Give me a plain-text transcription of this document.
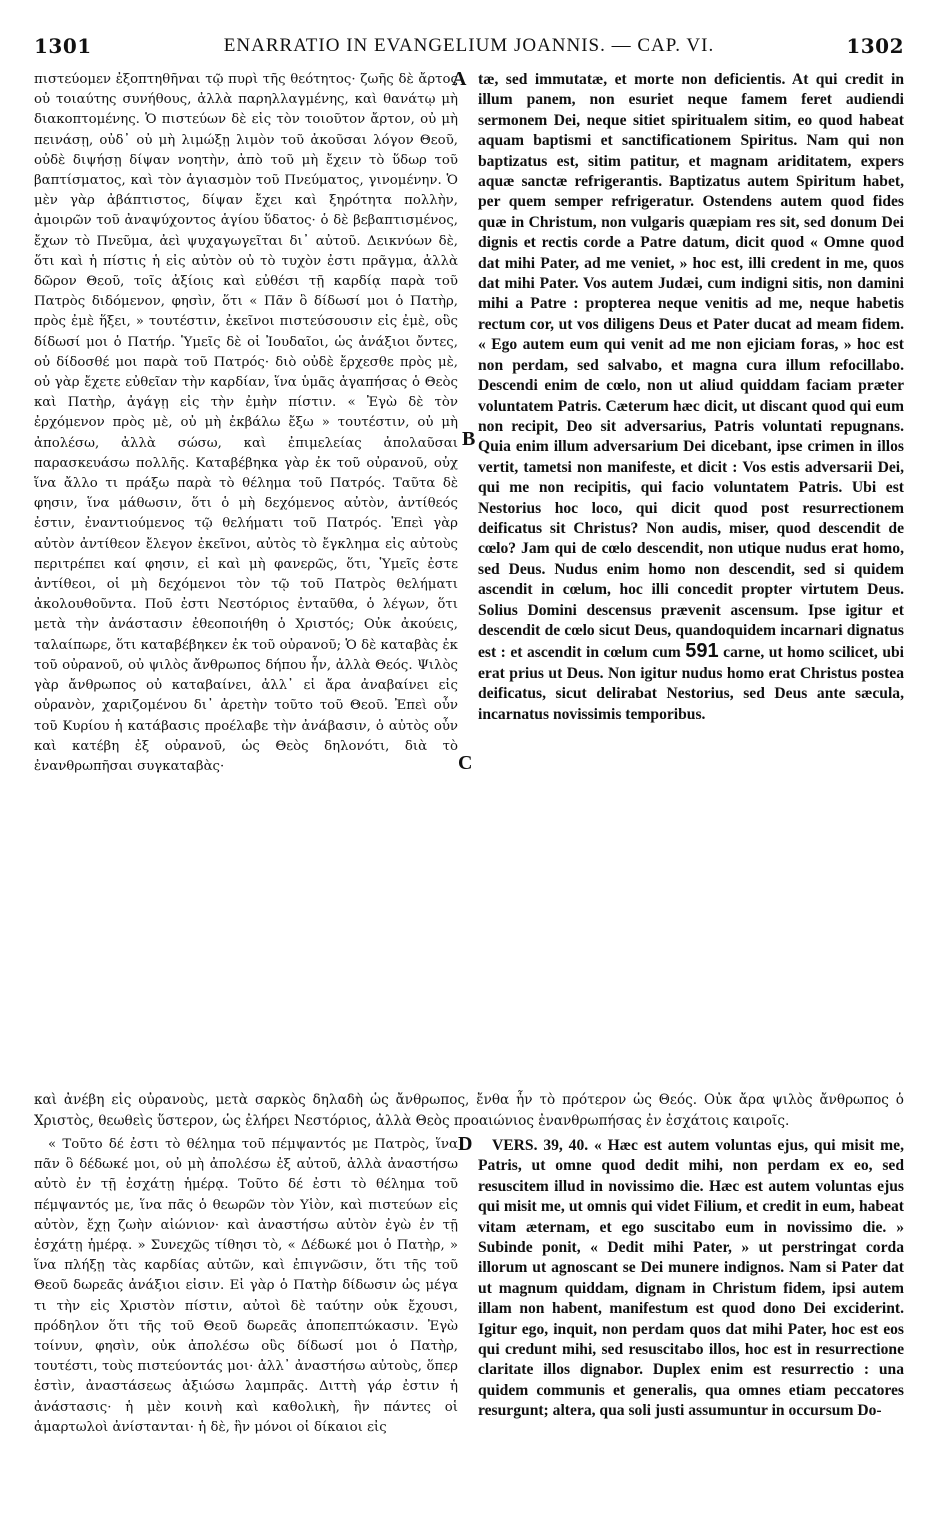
1301	ENARRATIO IN EVANGELIUM JOANNIS. — CAP. VI.	1302
A
B
C
D

πιστεύομεν ἐξοπτηθῆναι τῷ πυρὶ τῆς θεότητος· ζωῆς δὲ ἄρτος οὐ τοιαύτης συνήθους, ἀλλὰ παρηλλαγμένης, καὶ θανάτῳ μὴ διακοπτομένης. Ὁ πιστεύων δὲ εἰς τὸν τοιοῦτον ἄρτον, οὐ μὴ πεινάσῃ, οὐδ᾽ οὐ μὴ λιμώξῃ λιμὸν τοῦ ἀκοῦσαι λόγον Θεοῦ, οὐδὲ διψήσῃ δίψαν νοητὴν, ἀπὸ τοῦ μὴ ἔχειν τὸ ὕδωρ τοῦ βαπτίσματος, καὶ τὸν ἁγιασμὸν τοῦ Πνεύματος, γινομένην. Ὁ μὲν γὰρ ἀβάπτιστος, δίψαν ἔχει καὶ ξηρότητα πολλὴν, ἀμοιρῶν τοῦ ἀναψύχοντος ἁγίου ὕδατος· ὁ δὲ βεβαπτισμένος, ἔχων τὸ Πνεῦμα, ἀεὶ ψυχαγωγεῖται δι᾽ αὐτοῦ. Δεικνύων δὲ, ὅτι καὶ ἡ πίστις ἡ εἰς αὐτὸν οὐ τὸ τυχὸν ἐστι πρᾶγμα, ἀλλὰ δῶρον Θεοῦ, τοῖς ἀξίοις καὶ εὐθέσι τῇ καρδίᾳ παρὰ τοῦ Πατρὸς διδόμενον, φησὶν, ὅτι « Πᾶν ὃ δίδωσί μοι ὁ Πατὴρ, πρὸς ἐμὲ ἥξει, » τουτέστιν, ἐκεῖνοι πιστεύσουσιν εἰς ἐμὲ, οὓς δίδωσί μοι ὁ Πατήρ. Ὑμεῖς δὲ οἱ Ἰουδαῖοι, ὡς ἀνάξιοι ὄντες, οὐ δίδοσθέ μοι παρὰ τοῦ Πατρός· διὸ οὐδὲ ἔρχεσθε πρὸς μὲ, οὐ γὰρ ἔχετε εὐθεῖαν τὴν καρδίαν, ἵνα ὑμᾶς ἀγαπήσας ὁ Θεὸς καὶ Πατὴρ, ἀγάγῃ εἰς τὴν ἐμὴν πίστιν. « Ἐγὼ δὲ τὸν ἐρχόμενον πρὸς μὲ, οὐ μὴ ἐκβάλω ἔξω » τουτέστιν, οὐ μὴ ἀπολέσω, ἀλλὰ σώσω, καὶ ἐπιμελείας ἀπολαῦσαι παρασκευάσω πολλῆς. Καταβέβηκα γὰρ ἐκ τοῦ οὐρανοῦ, οὐχ ἵνα ἄλλο τι πράξω παρὰ τὸ θέλημα τοῦ Πατρός. Ταῦτα δὲ φησιν, ἵνα μάθωσιν, ὅτι ὁ μὴ δεχόμενος αὐτὸν, ἀντίθεός ἐστιν, ἐναντιούμενος τῷ θελήματι τοῦ Πατρός. Ἐπεὶ γὰρ αὐτὸν ἀντίθεον ἔλεγον ἐκεῖνοι, αὐτὸς τὸ ἔγκλημα εἰς αὐτοὺς περιτρέπει καί φησιν, εἰ καὶ μὴ φανερῶς, ὅτι, Ὑμεῖς ἐστε ἀντίθεοι, οἱ μὴ δεχόμενοι τὸν τῷ τοῦ Πατρὸς θελήματι ἀκολουθοῦντα. Ποῦ ἐστι Νεστόριος ἐνταῦθα, ὁ λέγων, ὅτι μετὰ τὴν ἀνάστασιν ἐθεοποιήθη ὁ Χριστός; Οὐκ ἀκούεις, ταλαίπωρε, ὅτι καταβέβηκεν ἐκ τοῦ οὐρανοῦ; Ὁ δὲ καταβὰς ἐκ τοῦ οὐρανοῦ, οὐ ψιλὸς ἄνθρωπος δήπου ἦν, ἀλλὰ Θεός. Ψιλὸς γὰρ ἄνθρωπος οὐ καταβαίνει, ἀλλ᾽ εἰ ἄρα ἀναβαίνει εἰς οὐρανὸν, χαριζομένου δι᾽ ἀρετὴν τοῦτο τοῦ Θεοῦ. Ἐπεὶ οὖν τοῦ Κυρίου ἡ κατάβασις προέλαβε τὴν ἀνάβασιν, ὁ αὐτὸς οὖν καὶ κατέβη ἐξ οὐρανοῦ, ὡς Θεὸς δηλονότι, διὰ τὸ ἐνανθρωπῆσαι συγκαταβὰς·

tæ, sed immutatæ, et morte non deficientis. At qui credit in illum panem, non esuriet neque famem feret audiendi sermonem Dei, neque sitiet spiritualem sitim, eo quod habeat aquam baptismi et sanctificationem Spiritus. Nam qui non baptizatus est, sitim patitur, et magnam ariditatem, expers aquæ sanctæ refrigerantis. Baptizatus autem Spiritum habet, per quem semper refrigeratur. Ostendens autem quod fides quæ in Christum, non vulgaris quæpiam res sit, sed donum Dei dignis et rectis corde a Patre datum, dicit quod « Omne quod dat mihi Pater, ad me veniet, » hoc est, illi credent in me, quos dat mihi Pater. Vos autem Judæi, cum indigni sitis, non damini mihi a Patre : propterea neque venitis ad me, neque habetis rectum cor, ut vos diligens Deus et Pater ducat ad meam fidem. « Ego autem eum qui venit ad me non ejiciam foras, » hoc est non perdam, sed salvabo, et magna cura illum refocillabo. Descendi enim de cœlo, non ut aliud quiddam faciam præter voluntatem Patris. Cæterum hæc dicit, ut discant quod qui eum non recipit, Deo sit adversarius, Patris voluntati repugnans. Quia enim illum adversarium Dei dicebant, ipse crimen in illos vertit, tametsi non manifeste, et dicit : Vos estis adversarii Dei, qui me non recipitis, qui facio voluntatem Patris. Ubi est Nestorius hoc loco, qui dicit quod post resurrectionem deificatus sit Christus? Non audis, miser, quod descendit de cœlo? Jam qui de cœlo descendit, non utique nudus erat homo, sed Deus. Nudus enim homo non descendit, sed si quidem ascendit in cœlum, hoc illi concedit propter virtutem Deus. Solius Domini descensus prævenit ascensum. Ipse igitur et descendit de cœlo sicut Deus, quandoquidem incarnari dignatus est : et ascendit in cœlum cum 591 carne, ut homo scilicet, ubi erat prius ut Deus. Non igitur nudus homo erat Christus postea deificatus, sicut delirabat Nestorius, sed Deus ante sæcula, incarnatus novissimis temporibus.

καὶ ἀνέβη εἰς οὐρανοὺς, μετὰ σαρκὸς δηλαδὴ ὡς ἄνθρωπος, ἔνθα ἦν τὸ πρότερον ὡς Θεός. Οὐκ ἄρα ψιλὸς ἄνθρωπος ὁ Χριστὸς, θεωθεὶς ὕστερον, ὡς ἐλήρει Νεστόριος, ἀλλὰ Θεὸς προαιώνιος ἐνανθρωπήσας ἐν ἐσχάτοις καιροῖς.

« Τοῦτο δέ ἐστι τὸ θέλημα τοῦ πέμψαντός με Πατρὸς, ἵνα πᾶν ὃ δέδωκέ μοι, οὐ μὴ ἀπολέσω ἐξ αὐτοῦ, ἀλλὰ ἀναστήσω αὐτὸ ἐν τῇ ἐσχάτῃ ἡμέρᾳ. Τοῦτο δέ ἐστι τὸ θέλημα τοῦ πέμψαντός με, ἵνα πᾶς ὁ θεωρῶν τὸν Υἱὸν, καὶ πιστεύων εἰς αὐτὸν, ἔχῃ ζωὴν αἰώνιον· καὶ ἀναστήσω αὐτὸν ἐγὼ ἐν τῇ ἐσχάτῃ ἡμέρᾳ. » Συνεχῶς τίθησι τὸ, « Δέδωκέ μοι ὁ Πατὴρ, » ἵνα πλήξῃ τὰς καρδίας αὐτῶν, καὶ ἐπιγνῶσιν, ὅτι τῆς τοῦ Θεοῦ δωρεᾶς ἀνάξιοι εἰσιν. Εἰ γὰρ ὁ Πατὴρ δίδωσιν ὡς μέγα τι τὴν εἰς Χριστὸν πίστιν, αὐτοὶ δὲ ταύτην οὐκ ἔχουσι, πρόδηλον ὅτι τῆς τοῦ Θεοῦ δωρεᾶς ἀποπεπτώκασιν. Ἐγὼ τοίνυν, φησὶν, οὐκ ἀπολέσω οὓς δίδωσί μοι ὁ Πατὴρ, τουτέστι, τοὺς πιστεύοντάς μοι· ἀλλ᾽ ἀναστήσω αὐτοὺς, ὅπερ ἐστὶν, ἀναστάσεως ἀξιώσω λαμπρᾶς. Διττὴ γάρ ἐστιν ἡ ἀνάστασις· ἡ μὲν κοινὴ καὶ καθολικὴ, ἣν πάντες οἱ ἁμαρτωλοὶ ἀνίστανται· ἡ δὲ, ἣν μόνοι οἱ δίκαιοι εἰς

VERS. 39, 40. « Hæc est autem voluntas ejus, qui misit me, Patris, ut omne quod dedit mihi, non perdam ex eo, sed resuscitem illud in novissimo die. Hæc est autem voluntas ejus qui misit me, ut omnis qui videt Filium, et credit in eum, habeat vitam æternam, et ego suscitabo eum in novissimo die. » Subinde ponit, « Dedit mihi Pater, » ut perstringat corda illorum ut agnoscant se Dei munere indignos. Nam si Pater dat ut magnum quiddam, dignam in Christum fidem, ipsi autem illam non habent, manifestum est quod dono Dei exciderint. Igitur ego, inquit, non perdam quos dat mihi Pater, hoc est eos qui credunt mihi, sed resuscitabo illos, hoc est in resurrectione claritate illos dignabor. Duplex enim est resurrectio : una quidem communis et generalis, qua omnes etiam peccatores resurgunt; altera, qua soli justi assumuntur in occursum Do-
